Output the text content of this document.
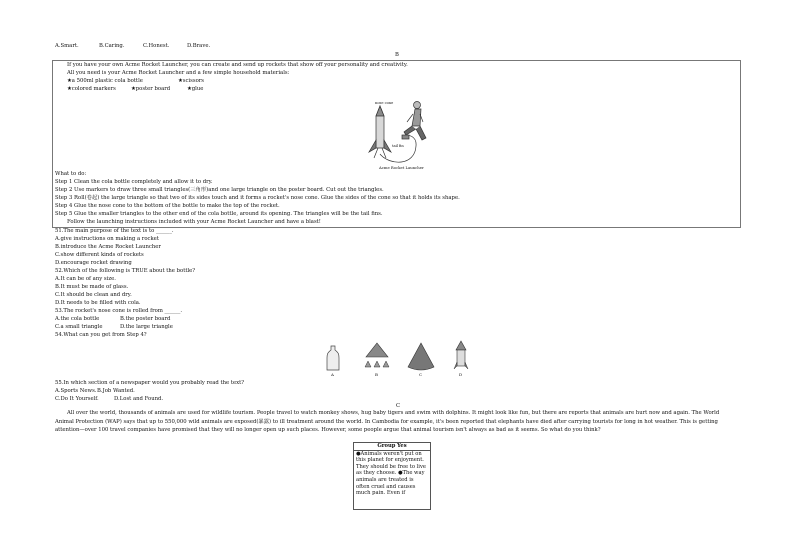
A.Smart.	B.Caring.	C.Honest.	D.Brave.
B
If you have your own Acme Rocket Launcher, you can create and send up rockets that show off your personality and creativity.
All you need is your Acme Rocket Launcher and a few simple household materials:
★a 500ml plastic cola bottle	★scissors
★colored markers	★poster board	★glue
nose cone
tail fin
Acme Rocket Launcher
What to do:
Step 1 Clean the cola bottle completely and allow it to dry.
Step 2 Use markers to draw three small triangles(三角形)and one large triangle on the poster board. Cut out the triangles.
Step 3 Roll(卷起) the large triangle so that two of its sides touch and it forms a rocket's nose cone. Glue the sides of the cone so that it holds its shape.
Step 4 Glue the nose cone to the bottom of the bottle to make the top of the rocket.
Step 5 Glue the smaller triangles to the other end of the cola bottle, around its opening. The triangles will be the tail fins.
Follow the launching instructions included with your Acme Rocket Launcher and have a blast!
51.The main purpose of the text is to ______.
A.give instructions on making a rocket
B.introduce the Acme Rocket Launcher
C.show different kinds of rockets
D.encourage rocket drawing
52.Which of the following is TRUE about the bottle?
A.It can be of any size.
B.It must be made of glass.
C.It should be clean and dry.
D.It needs to be filled with cola.
53.The rocket's nose cone is rolled from ______.
A.the cola bottle	B.the poster board
C.a small triangle	D.the large triangle
54.What can you get from Step 4?
A	B	C	D
55.In which section of a newspaper would you probably read the text?
A.Sports News. B.Job Wanted.
C.Do It Yourself.	D.Lost and Found.
C
All over the world, thousands of animals are used for wildlife tourism. People travel to watch monkey shows, hug baby tigers and swim with dolphins. It might look like fun, but there are reports that animals are hurt now and again. The World Animal Protection (WAP) says that up to 550,000 wild animals are exposed(暴露) to ill treatment around the world. In Cambodia for example, it's been reported that elephants have died after carrying tourists for long in hot weather. This is getting attention—over 100 travel companies have promised that they will no longer open up such places. However, some people argue that animal tourism isn't always as bad as it seems. So what do you think?
Group Yes
●Animals weren't put on this planet for enjoyment. They should be free to live as they choose. ●The way animals are treated is often cruel and causes much pain. Even if
